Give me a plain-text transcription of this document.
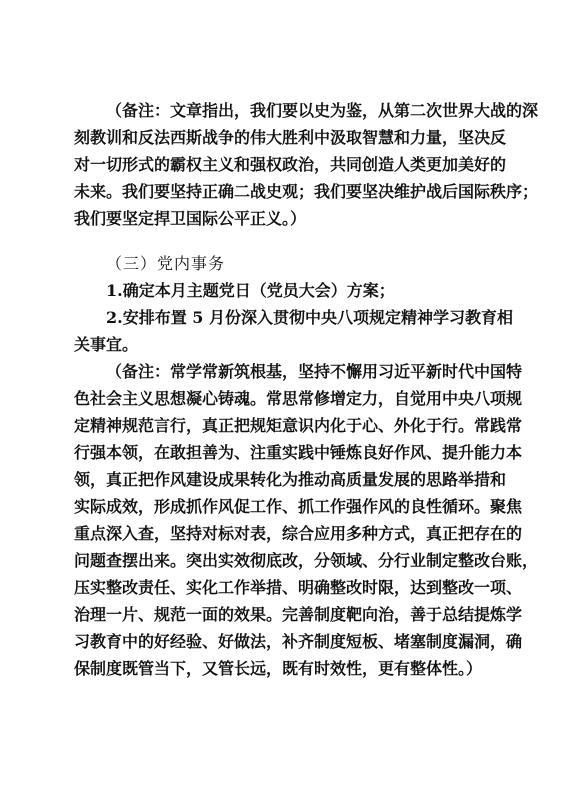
（备注：文章指出，我们要以史为鉴，从第二次世界大战的深
刻教训和反法西斯战争的伟大胜利中汲取智慧和力量，坚决反
对一切形式的霸权主义和强权政治，共同创造人类更加美好的
未来。我们要坚持正确二战史观；我们要坚决维护战后国际秩序；
我们要坚定捍卫国际公平正义。）
（三）党内事务
1.确定本月主题党日（党员大会）方案；
2.安排布置 5 月份深入贯彻中央八项规定精神学习教育相
关事宜。
（备注：常学常新筑根基，坚持不懈用习近平新时代中国特
色社会主义思想凝心铸魂。常思常修增定力，自觉用中央八项规
定精神规范言行，真正把规矩意识内化于心、外化于行。常践常
行强本领，在敢担善为、注重实践中锤炼良好作风、提升能力本
领，真正把作风建设成果转化为推动高质量发展的思路举措和
实际成效，形成抓作风促工作、抓工作强作风的良性循环。聚焦
重点深入查，坚持对标对表，综合应用多种方式，真正把存在的
问题查摆出来。突出实效彻底改，分领域、分行业制定整改台账，
压实整改责任、实化工作举措、明确整改时限，达到整改一项、
治理一片、规范一面的效果。完善制度靶向治，善于总结提炼学
习教育中的好经验、好做法，补齐制度短板、堵塞制度漏洞，确
保制度既管当下，又管长远，既有时效性，更有整体性。）
